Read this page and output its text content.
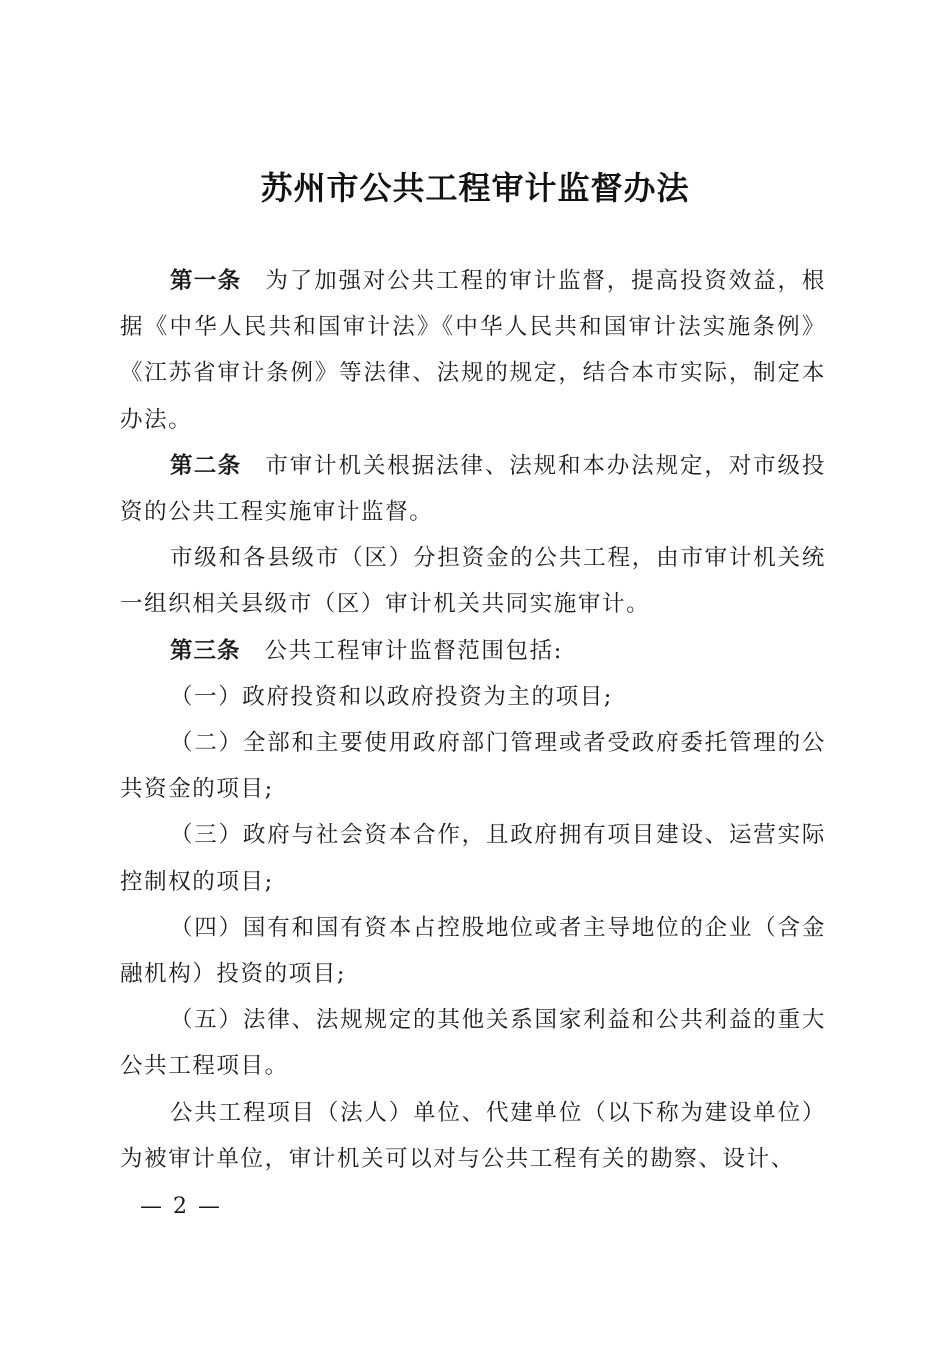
苏州市公共工程审计监督办法

第一条 为了加强对公共工程的审计监督，提高投资效益，根据《中华人民共和国审计法》《中华人民共和国审计法实施条例》《江苏省审计条例》等法律、法规的规定，结合本市实际，制定本办法。

第二条 市审计机关根据法律、法规和本办法规定，对市级投资的公共工程实施审计监督。

市级和各县级市（区）分担资金的公共工程，由市审计机关统一组织相关县级市（区）审计机关共同实施审计。

第三条 公共工程审计监督范围包括:

（一）政府投资和以政府投资为主的项目;

（二）全部和主要使用政府部门管理或者受政府委托管理的公共资金的项目;

（三）政府与社会资本合作，且政府拥有项目建设、运营实际控制权的项目;

（四）国有和国有资本占控股地位或者主导地位的企业（含金融机构）投资的项目;

（五）法律、法规规定的其他关系国家利益和公共利益的重大公共工程项目。

公共工程项目（法人）单位、代建单位（以下称为建设单位）为被审计单位，审计机关可以对与公共工程有关的勘察、设计、

— 2 —
